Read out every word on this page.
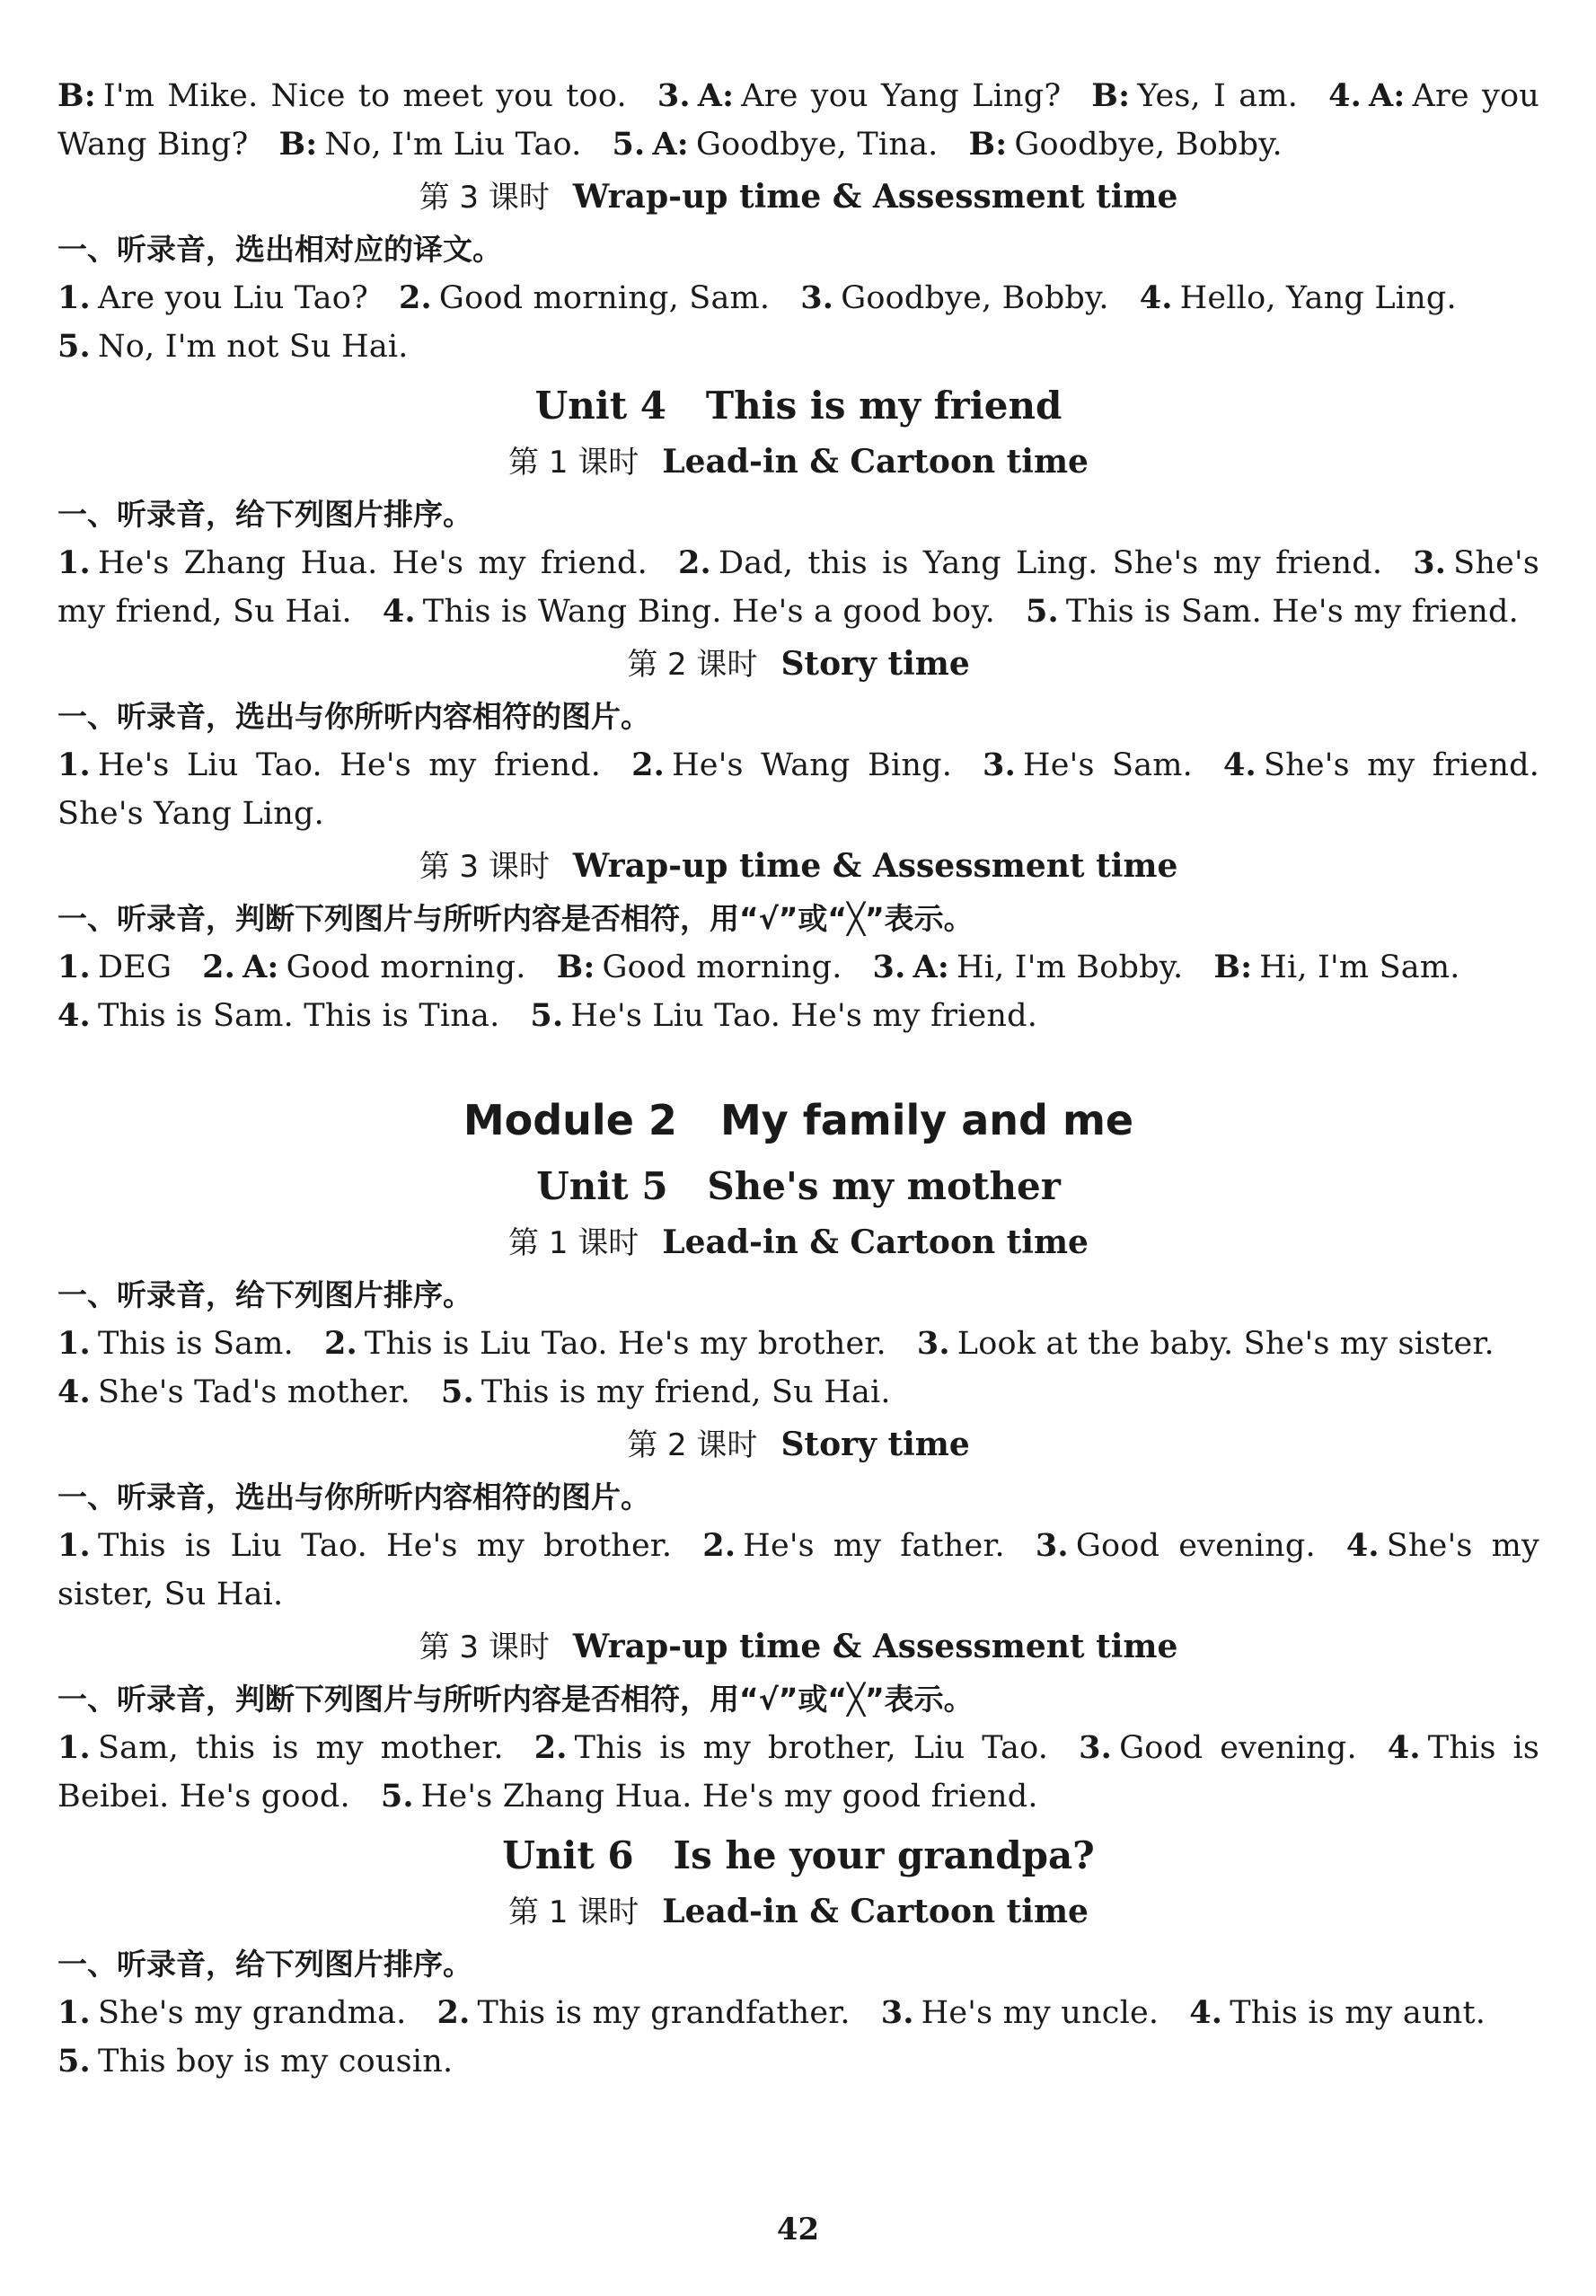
B: I'm Mike. Nice to meet you too. 3. A: Are you Yang Ling? B: Yes, I am. 4. A: Are you Wang Bing? B: No, I'm Liu Tao. 5. A: Goodbye, Tina. B: Goodbye, Bobby.

第 3 课时 Wrap-up time & Assessment time

一、听录音，选出相对应的译文。

1. Are you Liu Tao? 2. Good morning, Sam. 3. Goodbye, Bobby. 4. Hello, Yang Ling.
5. No, I'm not Su Hai.

Unit 4   This is my friend
第 1 课时 Lead-in & Cartoon time

一、听录音，给下列图片排序。

1. He's Zhang Hua. He's my friend. 2. Dad, this is Yang Ling. She's my friend. 3. She's my friend, Su Hai. 4. This is Wang Bing. He's a good boy. 5. This is Sam. He's my friend.

第 2 课时 Story time

一、听录音，选出与你所听内容相符的图片。

1. He's Liu Tao. He's my friend. 2. He's Wang Bing. 3. He's Sam. 4. She's my friend. She's Yang Ling.

第 3 课时 Wrap-up time & Assessment time

一、听录音，判断下列图片与所听内容是否相符，用“√”或“╳”表示。

1. DEG 2. A: Good morning. B: Good morning. 3. A: Hi, I'm Bobby. B: Hi, I'm Sam.
4. This is Sam. This is Tina. 5. He's Liu Tao. He's my friend.

Module 2   My family and me
Unit 5   She's my mother
第 1 课时 Lead-in & Cartoon time

一、听录音，给下列图片排序。

1. This is Sam. 2. This is Liu Tao. He's my brother. 3. Look at the baby. She's my sister.
4. She's Tad's mother. 5. This is my friend, Su Hai.

第 2 课时 Story time

一、听录音，选出与你所听内容相符的图片。

1. This is Liu Tao. He's my brother. 2. He's my father. 3. Good evening. 4. She's my sister, Su Hai.

第 3 课时 Wrap-up time & Assessment time

一、听录音，判断下列图片与所听内容是否相符，用“√”或“╳”表示。

1. Sam, this is my mother. 2. This is my brother, Liu Tao. 3. Good evening. 4. This is Beibei. He's good. 5. He's Zhang Hua. He's my good friend.

Unit 6   Is he your grandpa?
第 1 课时 Lead-in & Cartoon time

一、听录音，给下列图片排序。

1. She's my grandma. 2. This is my grandfather. 3. He's my uncle. 4. This is my aunt.
5. This boy is my cousin.

42
